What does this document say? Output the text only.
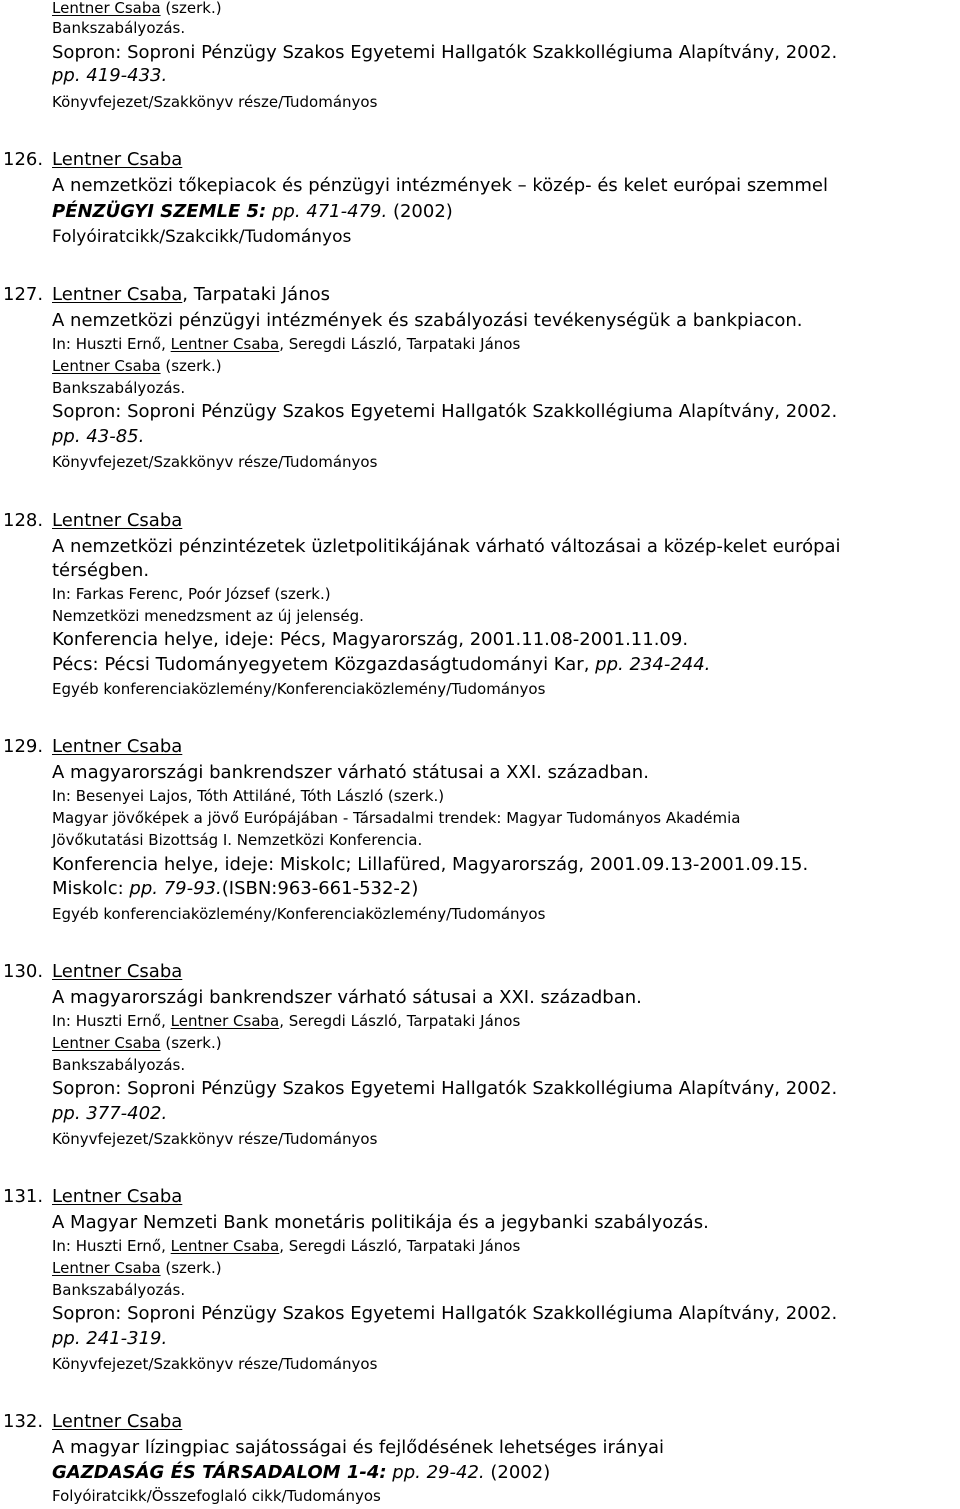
Lentner Csaba (szerk.)
Bankszabályozás.
Sopron: Soproni Pénzügy Szakos Egyetemi Hallgatók Szakkollégiuma Alapítvány, 2002.
pp. 419-433.
Könyvfejezet/Szakkönyv része/Tudományos
126. Lentner Csaba
A nemzetközi tőkepiacok és pénzügyi intézmények – közép- és kelet európai szemmel
PÉNZÜGYI SZEMLE 5: pp. 471-479. (2002)
Folyóiratcikk/Szakcikk/Tudományos
127. Lentner Csaba, Tarpataki János
A nemzetközi pénzügyi intézmények és szabályozási tevékenységük a bankpiacon.
In: Huszti Ernő, Lentner Csaba, Seregdi László, Tarpataki János
Lentner Csaba (szerk.)
Bankszabályozás.
Sopron: Soproni Pénzügy Szakos Egyetemi Hallgatók Szakkollégiuma Alapítvány, 2002.
pp. 43-85.
Könyvfejezet/Szakkönyv része/Tudományos
128. Lentner Csaba
A nemzetközi pénzintézetek üzletpolitikájának várható változásai a közép-kelet európai
térségben.
In: Farkas Ferenc, Poór József (szerk.)
Nemzetközi menedzsment az új jelenség.
Konferencia helye, ideje: Pécs, Magyarország, 2001.11.08-2001.11.09.
Pécs: Pécsi Tudományegyetem Közgazdaságtudományi Kar, pp. 234-244.
Egyéb konferenciaközlemény/Konferenciaközlemény/Tudományos
129. Lentner Csaba
A magyarországi bankrendszer várható státusai a XXI. században.
In: Besenyei Lajos, Tóth Attiláné, Tóth László (szerk.)
Magyar jövőképek a jövő Európájában - Társadalmi trendek: Magyar Tudományos Akadémia
Jövőkutatási Bizottság I. Nemzetközi Konferencia.
Konferencia helye, ideje: Miskolc; Lillafüred, Magyarország, 2001.09.13-2001.09.15.
Miskolc: pp. 79-93.(ISBN:963-661-532-2)
Egyéb konferenciaközlemény/Konferenciaközlemény/Tudományos
130. Lentner Csaba
A magyarországi bankrendszer várható sátusai a XXI. században.
In: Huszti Ernő, Lentner Csaba, Seregdi László, Tarpataki János
Lentner Csaba (szerk.)
Bankszabályozás.
Sopron: Soproni Pénzügy Szakos Egyetemi Hallgatók Szakkollégiuma Alapítvány, 2002.
pp. 377-402.
Könyvfejezet/Szakkönyv része/Tudományos
131. Lentner Csaba
A Magyar Nemzeti Bank monetáris politikája és a jegybanki szabályozás.
In: Huszti Ernő, Lentner Csaba, Seregdi László, Tarpataki János
Lentner Csaba (szerk.)
Bankszabályozás.
Sopron: Soproni Pénzügy Szakos Egyetemi Hallgatók Szakkollégiuma Alapítvány, 2002.
pp. 241-319.
Könyvfejezet/Szakkönyv része/Tudományos
132. Lentner Csaba
A magyar lízingpiac sajátosságai és fejlődésének lehetséges irányai
GAZDASÁG ÉS TÁRSADALOM 1-4: pp. 29-42. (2002)
Folyóiratcikk/Összefoglaló cikk/Tudományos
